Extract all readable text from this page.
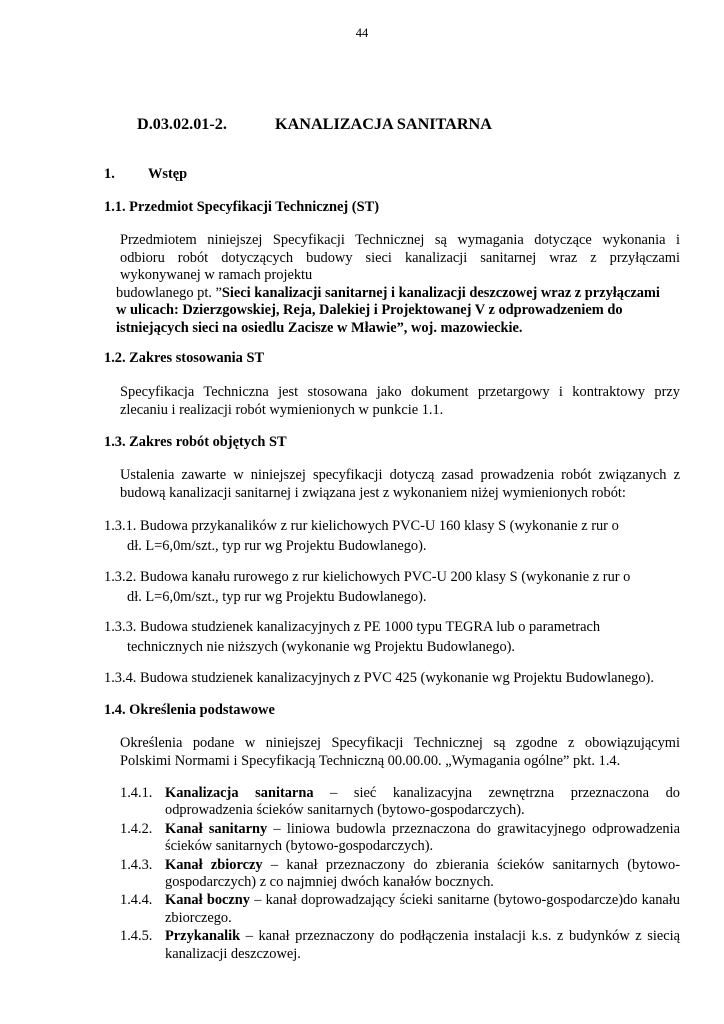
44
D.03.02.01-2.	KANALIZACJA SANITARNA
1. Wstęp
1.1. Przedmiot Specyfikacji Technicznej (ST)

Przedmiotem niniejszej Specyfikacji Technicznej są wymagania dotyczące wykonania i

odbioru robót dotyczących budowy sieci kanalizacji sanitarnej wraz z przyłączami

wykonywanej w ramach projektu

budowlanego pt. ”Sieci kanalizacji sanitarnej i kanalizacji deszczowej wraz z przyłączami

w ulicach: Dzierzgowskiej, Reja, Dalekiej i Projektowanej V z odprowadzeniem do

istniejących sieci na osiedlu Zacisze w Mławie”, woj. mazowieckie.

1.2. Zakres stosowania ST

Specyfikacja Techniczna jest stosowana jako dokument przetargowy i kontraktowy przy

zlecaniu i realizacji robót wymienionych w punkcie 1.1.

1.3. Zakres robót objętych ST

Ustalenia zawarte w niniejszej specyfikacji dotyczą zasad prowadzenia robót związanych z

budową kanalizacji sanitarnej i związana jest z wykonaniem niżej wymienionych robót:

1.3.1. Budowa przykanalików z rur kielichowych PVC-U 160 klasy S (wykonanie z rur o
dł. L=6,0m/szt., typ rur wg Projektu Budowlanego).
1.3.2. Budowa kanału rurowego z rur kielichowych PVC-U 200 klasy S (wykonanie z rur o
dł. L=6,0m/szt., typ rur wg Projektu Budowlanego).
1.3.3. Budowa studzienek kanalizacyjnych z PE 1000 typu TEGRA lub o parametrach
technicznych nie niższych (wykonanie wg Projektu Budowlanego).
1.3.4. Budowa studzienek kanalizacyjnych z PVC 425 (wykonanie wg Projektu Budowlanego).
1.4. Określenia podstawowe

Określenia podane w niniejszej Specyfikacji Technicznej są zgodne z obowiązującymi

Polskimi Normami i Specyfikacją Techniczną 00.00.00. „Wymagania ogólne” pkt. 1.4.

1.4.1. Kanalizacja sanitarna – sieć kanalizacyjna zewnętrzna przeznaczona do odprowadzenia ścieków sanitarnych (bytowo-gospodarczych).
1.4.2. Kanał sanitarny – liniowa budowla przeznaczona do grawitacyjnego odprowadzenia ścieków sanitarnych (bytowo-gospodarczych).
1.4.3. Kanał zbiorczy – kanał przeznaczony do zbierania ścieków sanitarnych (bytowo-gospodarczych) z co najmniej dwóch kanałów bocznych.
1.4.4. Kanał boczny – kanał doprowadzający ścieki sanitarne (bytowo-gospodarcze)do kanału zbiorczego.
1.4.5. Przykanalik – kanał przeznaczony do podłączenia instalacji k.s. z budynków z siecią kanalizacji deszczowej.
